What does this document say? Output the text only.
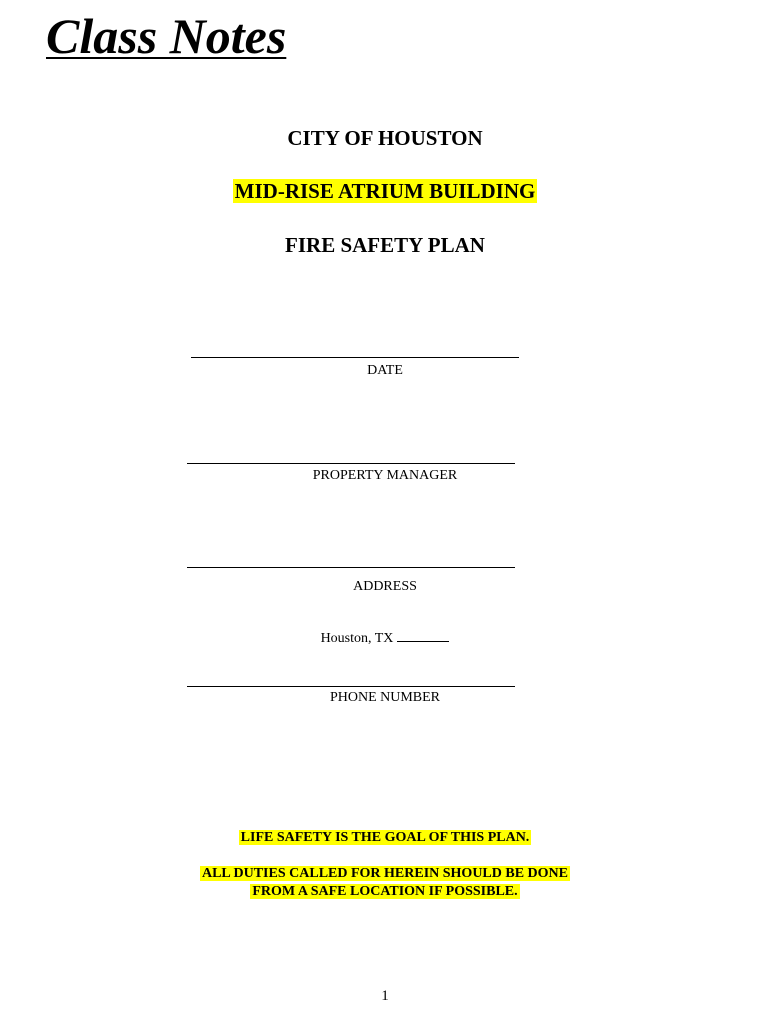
Class Notes
CITY OF HOUSTON
MID-RISE ATRIUM BUILDING
FIRE SAFETY PLAN
DATE
PROPERTY MANAGER
ADDRESS
Houston, TX
PHONE NUMBER
LIFE SAFETY IS THE GOAL OF THIS PLAN.
ALL DUTIES CALLED FOR HEREIN SHOULD BE DONE
FROM A SAFE LOCATION IF POSSIBLE.
1
